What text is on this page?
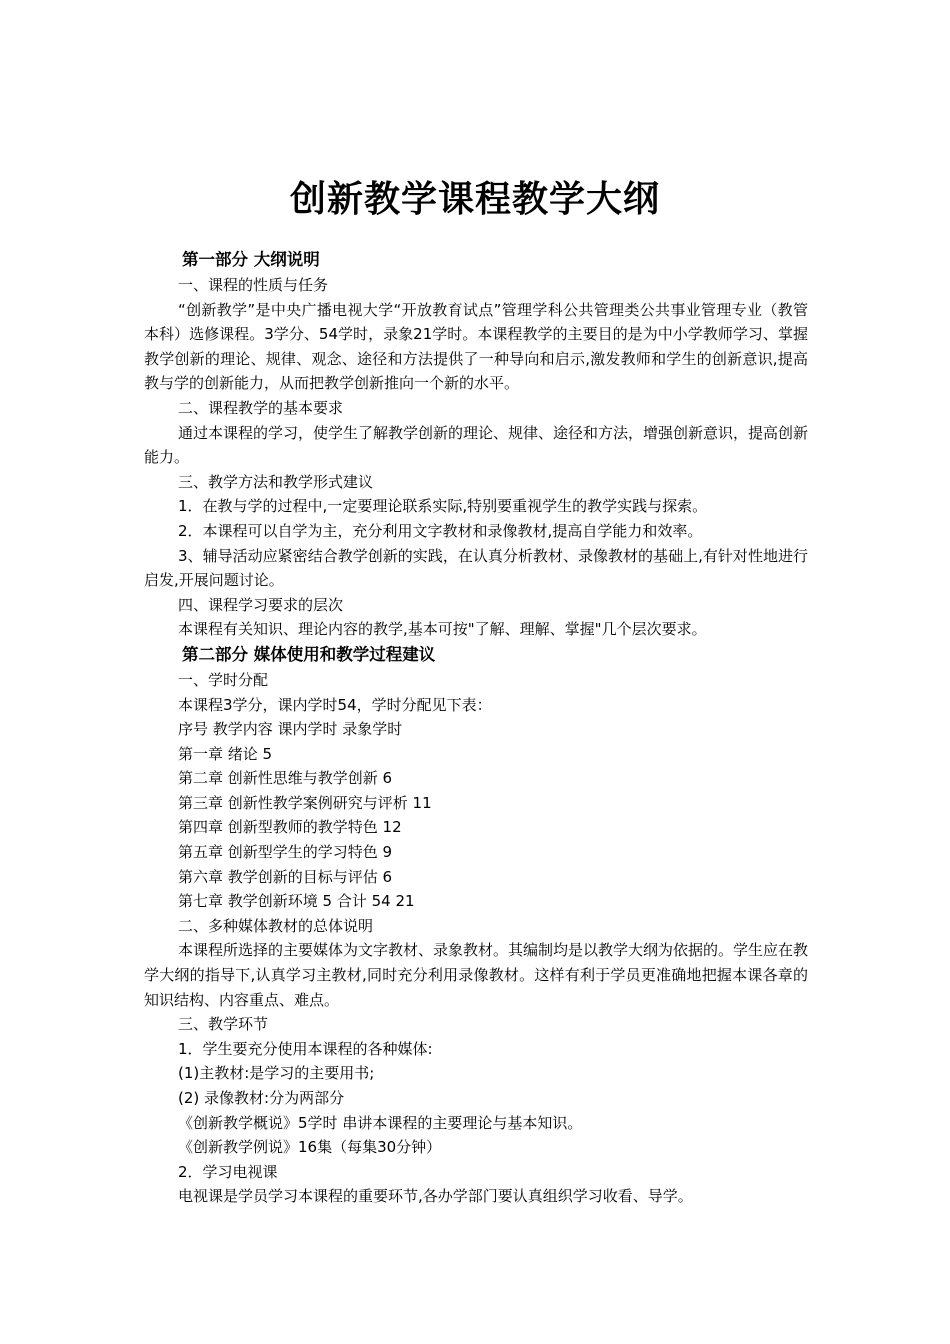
创新教学课程教学大纲
第一部分 大纲说明
一、课程的性质与任务

“创新教学”是中央广播电视大学“开放教育试点”管理学科公共管理类公共事业管理专业（教管本科）选修课程。3学分、54学时，录象21学时。本课程教学的主要目的是为中小学教师学习、掌握教学创新的理论、规律、观念、途径和方法提供了一种导向和启示,激发教师和学生的创新意识,提高教与学的创新能力，从而把教学创新推向一个新的水平。

二、课程教学的基本要求

通过本课程的学习，使学生了解教学创新的理论、规律、途径和方法，增强创新意识，提高创新能力。

三、教学方法和教学形式建议
1．在教与学的过程中,一定要理论联系实际,特别要重视学生的教学实践与探索。
2．本课程可以自学为主，充分利用文字教材和录像教材,提高自学能力和效率。

3、辅导活动应紧密结合教学创新的实践，在认真分析教材、录像教材的基础上,有针对性地进行启发,开展问题讨论。

四、课程学习要求的层次
本课程有关知识、理论内容的教学,基本可按"了解、理解、掌握"几个层次要求。
第二部分 媒体使用和教学过程建议
一、学时分配
本课程3学分，课内学时54，学时分配见下表：
序号 教学内容 课内学时 录象学时
第一章 绪论 5
第二章 创新性思维与教学创新 6
第三章 创新性教学案例研究与评析 11
第四章 创新型教师的教学特色 12
第五章 创新型学生的学习特色 9
第六章 教学创新的目标与评估 6
第七章 教学创新环境 5 合计 54 21
二、多种媒体教材的总体说明

本课程所选择的主要媒体为文字教材、录象教材。其编制均是以教学大纲为依据的。学生应在教学大纲的指导下,认真学习主教材,同时充分利用录像教材。这样有利于学员更准确地把握本课各章的知识结构、内容重点、难点。

三、教学环节
1．学生要充分使用本课程的各种媒体:
(1)主教材:是学习的主要用书;
(2) 录像教材:分为两部分
《创新教学概说》5学时 串讲本课程的主要理论与基本知识。
《创新教学例说》16集（每集30分钟）
2．学习电视课
电视课是学员学习本课程的重要环节,各办学部门要认真组织学习收看、导学。
